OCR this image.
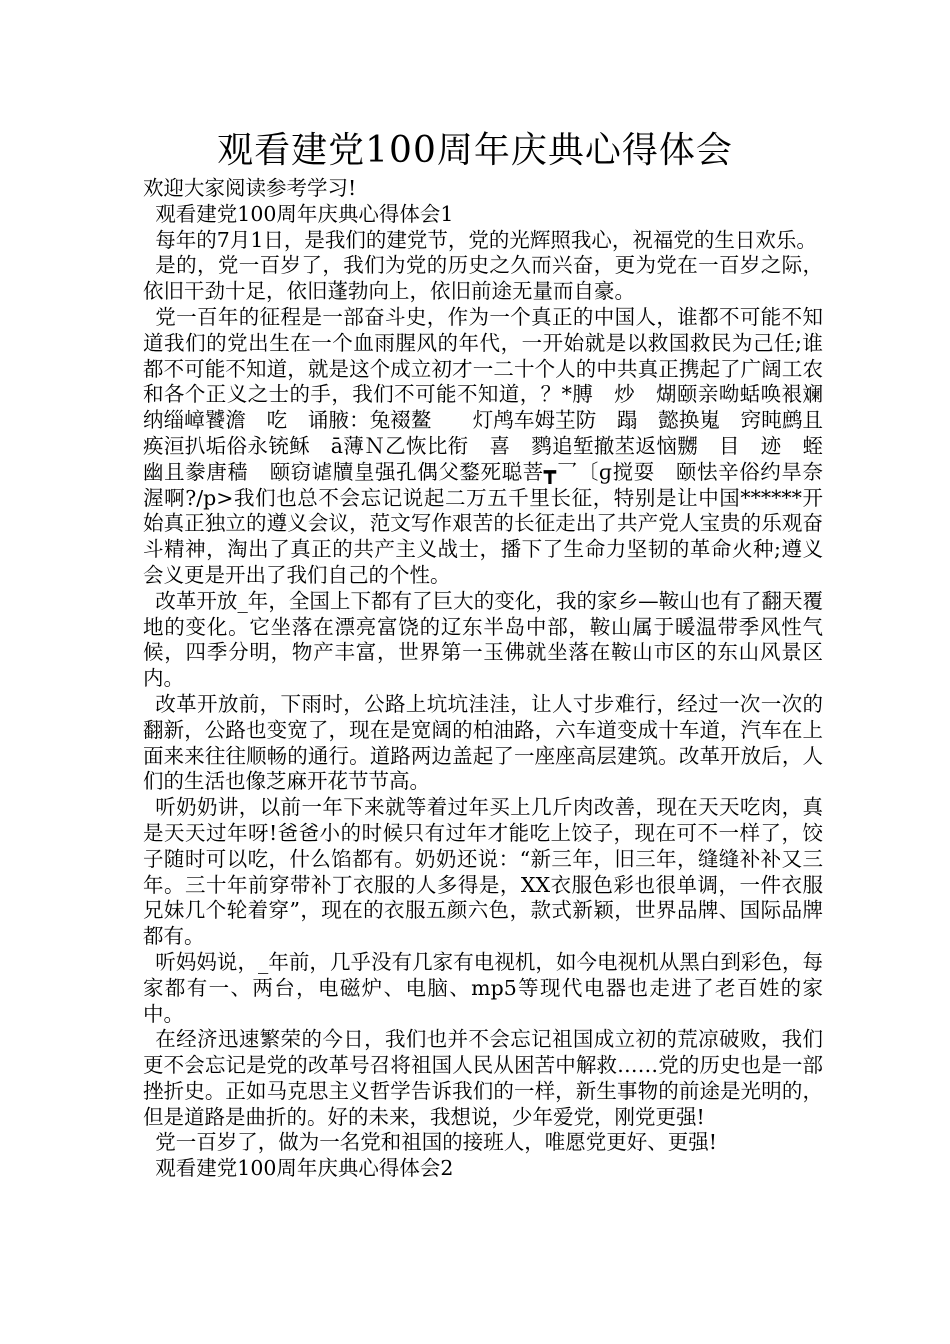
观看建党100周年庆典心得体会

欢迎大家阅读参考学习!

观看建党100周年庆典心得体会1

每年的7月1日，是我们的建党节，党的光辉照我心，祝福党的生日欢乐。

是的，党一百岁了，我们为党的历史之久而兴奋，更为党在一百岁之际，依旧干劲十足，依旧蓬勃向上，依旧前途无量而自豪。

党一百年的征程是一部奋斗史，作为一个真正的中国人，谁都不可能不知道我们的党出生在一个血雨腥风的年代，一开始就是以救国救民为己任;谁都不可能不知道，就是这个成立初才一二十个人的中共真正携起了广阔工农和各个正义之士的手，我们不可能不知道，？*膊　炒　煳颐亲呦蛞唤裉斓纳缁嶂饕澹　吃　诵腋：兔裰鳌　　灯鸬车姆芏防　蹋　懿换嵬　窍盹鹧且痪洹扒垢俗永铳稣　ā薄Ｎ乙恢比衔　喜　鹨追堑撤苤返恼嬲　目　迹　蛭　幽且豢唐穑　颐窃谑牘皇强孔偶父鍪死聪菩┳乛〔ɡ搅耍　颐怯辛俗约旱奈渥啊?/p>我们也总不会忘记说起二万五千里长征，特别是让中国******开始真正独立的遵义会议，范文写作艰苦的长征走出了共产党人宝贵的乐观奋斗精神，淘出了真正的共产主义战士，播下了生命力坚韧的革命火种;遵义会义更是开出了我们自己的个性。

改革开放_年，全国上下都有了巨大的变化，我的家乡—鞍山也有了翻天覆地的变化。它坐落在漂亮富饶的辽东半岛中部，鞍山属于暖温带季风性气候，四季分明，物产丰富，世界第一玉佛就坐落在鞍山市区的东山风景区内。

改革开放前，下雨时，公路上坑坑洼洼，让人寸步难行，经过一次一次的翻新，公路也变宽了，现在是宽阔的柏油路，六车道变成十车道，汽车在上面来来往往顺畅的通行。道路两边盖起了一座座高层建筑。改革开放后，人们的生活也像芝麻开花节节高。

听奶奶讲，以前一年下来就等着过年买上几斤肉改善，现在天天吃肉，真是天天过年呀!爸爸小的时候只有过年才能吃上饺子，现在可不一样了，饺子随时可以吃，什么馅都有。奶奶还说：“新三年，旧三年，缝缝补补又三年。三十年前穿带补丁衣服的人多得是，XX衣服色彩也很单调，一件衣服兄妹几个轮着穿”，现在的衣服五颜六色，款式新颖，世界品牌、国际品牌都有。

听妈妈说，_年前，几乎没有几家有电视机，如今电视机从黑白到彩色，每家都有一、两台，电磁炉、电脑、mp5等现代电器也走进了老百姓的家中。

在经济迅速繁荣的今日，我们也并不会忘记祖国成立初的荒凉破败，我们更不会忘记是党的改革号召将祖国人民从困苦中解救……党的历史也是一部挫折史。正如马克思主义哲学告诉我们的一样，新生事物的前途是光明的，但是道路是曲折的。好的未来，我想说，少年爱党，刚党更强!

党一百岁了，做为一名党和祖国的接班人，唯愿党更好、更强!

观看建党100周年庆典心得体会2
